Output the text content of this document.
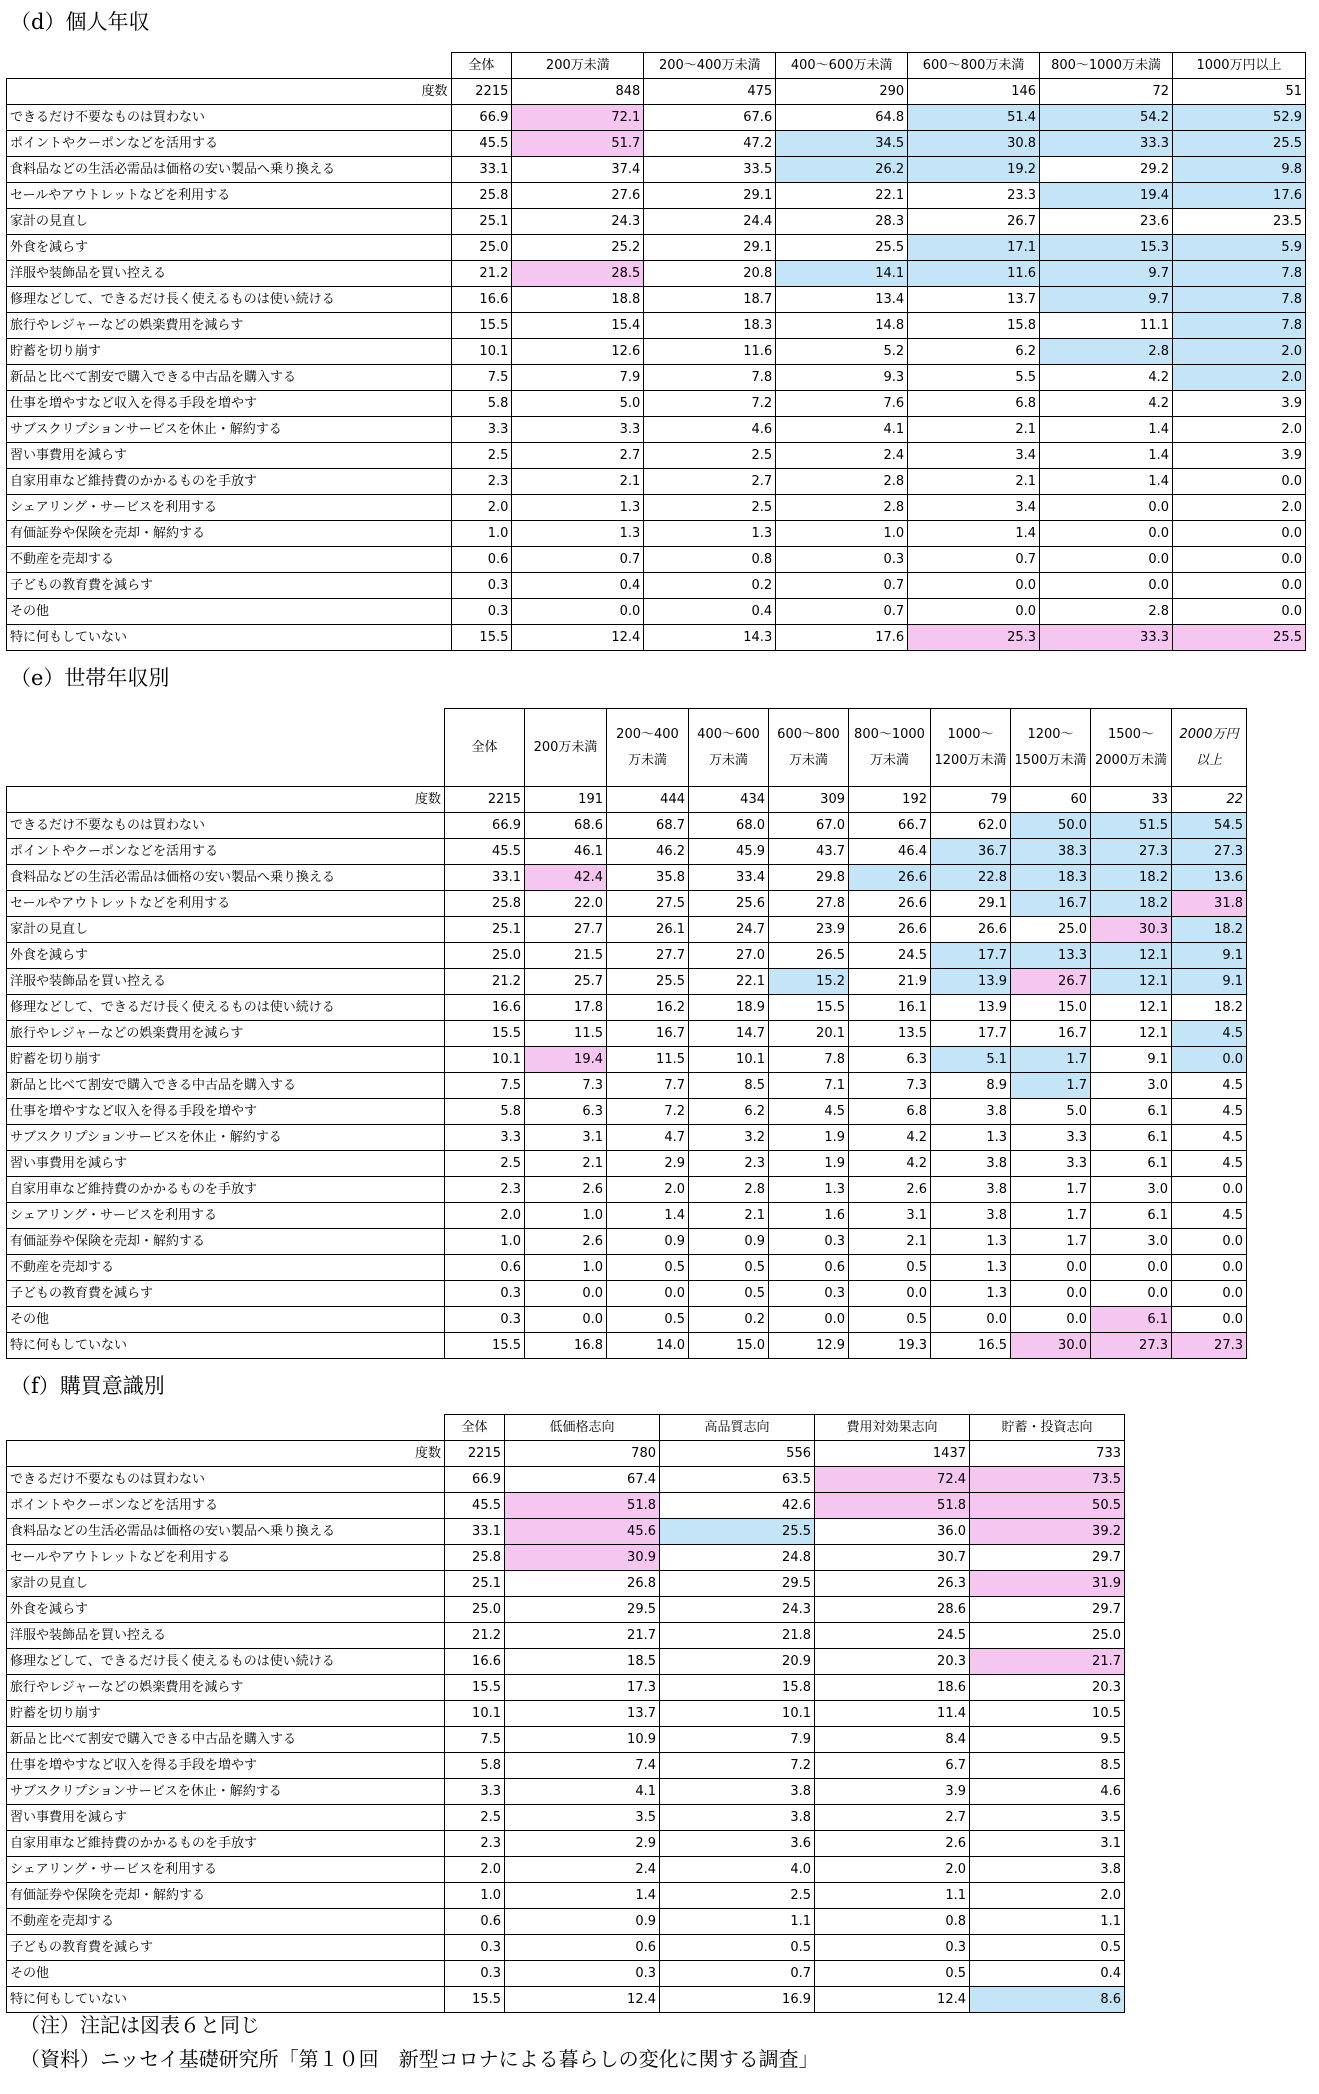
（d）個人年収
	全体	200万未満	200～400万未満	400～600万未満	600～800万未満	800～1000万未満	1000万円以上
度数	2215	848	475	290	146	72	51
できるだけ不要なものは買わない	66.9	72.1	67.6	64.8	51.4	54.2	52.9
ポイントやクーポンなどを活用する	45.5	51.7	47.2	34.5	30.8	33.3	25.5
食料品などの生活必需品は価格の安い製品へ乗り換える	33.1	37.4	33.5	26.2	19.2	29.2	9.8
セールやアウトレットなどを利用する	25.8	27.6	29.1	22.1	23.3	19.4	17.6
家計の見直し	25.1	24.3	24.4	28.3	26.7	23.6	23.5
外食を減らす	25.0	25.2	29.1	25.5	17.1	15.3	5.9
洋服や装飾品を買い控える	21.2	28.5	20.8	14.1	11.6	9.7	7.8
修理などして、できるだけ長く使えるものは使い続ける	16.6	18.8	18.7	13.4	13.7	9.7	7.8
旅行やレジャーなどの娯楽費用を減らす	15.5	15.4	18.3	14.8	15.8	11.1	7.8
貯蓄を切り崩す	10.1	12.6	11.6	5.2	6.2	2.8	2.0
新品と比べて割安で購入できる中古品を購入する	7.5	7.9	7.8	9.3	5.5	4.2	2.0
仕事を増やすなど収入を得る手段を増やす	5.8	5.0	7.2	7.6	6.8	4.2	3.9
サブスクリプションサービスを休止・解約する	3.3	3.3	4.6	4.1	2.1	1.4	2.0
習い事費用を減らす	2.5	2.7	2.5	2.4	3.4	1.4	3.9
自家用車など維持費のかかるものを手放す	2.3	2.1	2.7	2.8	2.1	1.4	0.0
シェアリング・サービスを利用する	2.0	1.3	2.5	2.8	3.4	0.0	2.0
有価証券や保険を売却・解約する	1.0	1.3	1.3	1.0	1.4	0.0	0.0
不動産を売却する	0.6	0.7	0.8	0.3	0.7	0.0	0.0
子どもの教育費を減らす	0.3	0.4	0.2	0.7	0.0	0.0	0.0
その他	0.3	0.0	0.4	0.7	0.0	2.8	0.0
特に何もしていない	15.5	12.4	14.3	17.6	25.3	33.3	25.5
（e）世帯年収別
	全体	200万未満	200～400万未満	400～600万未満	600～800万未満	800～1000万未満	1000～1200万未満	1200～1500万未満	1500～2000万未満	2000万円以上
度数	2215	191	444	434	309	192	79	60	33	22
できるだけ不要なものは買わない	66.9	68.6	68.7	68.0	67.0	66.7	62.0	50.0	51.5	54.5
ポイントやクーポンなどを活用する	45.5	46.1	46.2	45.9	43.7	46.4	36.7	38.3	27.3	27.3
食料品などの生活必需品は価格の安い製品へ乗り換える	33.1	42.4	35.8	33.4	29.8	26.6	22.8	18.3	18.2	13.6
セールやアウトレットなどを利用する	25.8	22.0	27.5	25.6	27.8	26.6	29.1	16.7	18.2	31.8
家計の見直し	25.1	27.7	26.1	24.7	23.9	26.6	26.6	25.0	30.3	18.2
外食を減らす	25.0	21.5	27.7	27.0	26.5	24.5	17.7	13.3	12.1	9.1
洋服や装飾品を買い控える	21.2	25.7	25.5	22.1	15.2	21.9	13.9	26.7	12.1	9.1
修理などして、できるだけ長く使えるものは使い続ける	16.6	17.8	16.2	18.9	15.5	16.1	13.9	15.0	12.1	18.2
旅行やレジャーなどの娯楽費用を減らす	15.5	11.5	16.7	14.7	20.1	13.5	17.7	16.7	12.1	4.5
貯蓄を切り崩す	10.1	19.4	11.5	10.1	7.8	6.3	5.1	1.7	9.1	0.0
新品と比べて割安で購入できる中古品を購入する	7.5	7.3	7.7	8.5	7.1	7.3	8.9	1.7	3.0	4.5
仕事を増やすなど収入を得る手段を増やす	5.8	6.3	7.2	6.2	4.5	6.8	3.8	5.0	6.1	4.5
サブスクリプションサービスを休止・解約する	3.3	3.1	4.7	3.2	1.9	4.2	1.3	3.3	6.1	4.5
習い事費用を減らす	2.5	2.1	2.9	2.3	1.9	4.2	3.8	3.3	6.1	4.5
自家用車など維持費のかかるものを手放す	2.3	2.6	2.0	2.8	1.3	2.6	3.8	1.7	3.0	0.0
シェアリング・サービスを利用する	2.0	1.0	1.4	2.1	1.6	3.1	3.8	1.7	6.1	4.5
有価証券や保険を売却・解約する	1.0	2.6	0.9	0.9	0.3	2.1	1.3	1.7	3.0	0.0
不動産を売却する	0.6	1.0	0.5	0.5	0.6	0.5	1.3	0.0	0.0	0.0
子どもの教育費を減らす	0.3	0.0	0.0	0.5	0.3	0.0	1.3	0.0	0.0	0.0
その他	0.3	0.0	0.5	0.2	0.0	0.5	0.0	0.0	6.1	0.0
特に何もしていない	15.5	16.8	14.0	15.0	12.9	19.3	16.5	30.0	27.3	27.3
（f）購買意識別
	全体	低価格志向	高品質志向	費用対効果志向	貯蓄・投資志向
度数	2215	780	556	1437	733
できるだけ不要なものは買わない	66.9	67.4	63.5	72.4	73.5
ポイントやクーポンなどを活用する	45.5	51.8	42.6	51.8	50.5
食料品などの生活必需品は価格の安い製品へ乗り換える	33.1	45.6	25.5	36.0	39.2
セールやアウトレットなどを利用する	25.8	30.9	24.8	30.7	29.7
家計の見直し	25.1	26.8	29.5	26.3	31.9
外食を減らす	25.0	29.5	24.3	28.6	29.7
洋服や装飾品を買い控える	21.2	21.7	21.8	24.5	25.0
修理などして、できるだけ長く使えるものは使い続ける	16.6	18.5	20.9	20.3	21.7
旅行やレジャーなどの娯楽費用を減らす	15.5	17.3	15.8	18.6	20.3
貯蓄を切り崩す	10.1	13.7	10.1	11.4	10.5
新品と比べて割安で購入できる中古品を購入する	7.5	10.9	7.9	8.4	9.5
仕事を増やすなど収入を得る手段を増やす	5.8	7.4	7.2	6.7	8.5
サブスクリプションサービスを休止・解約する	3.3	4.1	3.8	3.9	4.6
習い事費用を減らす	2.5	3.5	3.8	2.7	3.5
自家用車など維持費のかかるものを手放す	2.3	2.9	3.6	2.6	3.1
シェアリング・サービスを利用する	2.0	2.4	4.0	2.0	3.8
有価証券や保険を売却・解約する	1.0	1.4	2.5	1.1	2.0
不動産を売却する	0.6	0.9	1.1	0.8	1.1
子どもの教育費を減らす	0.3	0.6	0.5	0.3	0.5
その他	0.3	0.3	0.7	0.5	0.4
特に何もしていない	15.5	12.4	16.9	12.4	8.6
（注）注記は図表６と同じ
（資料）ニッセイ基礎研究所「第１０回　新型コロナによる暮らしの変化に関する調査」
